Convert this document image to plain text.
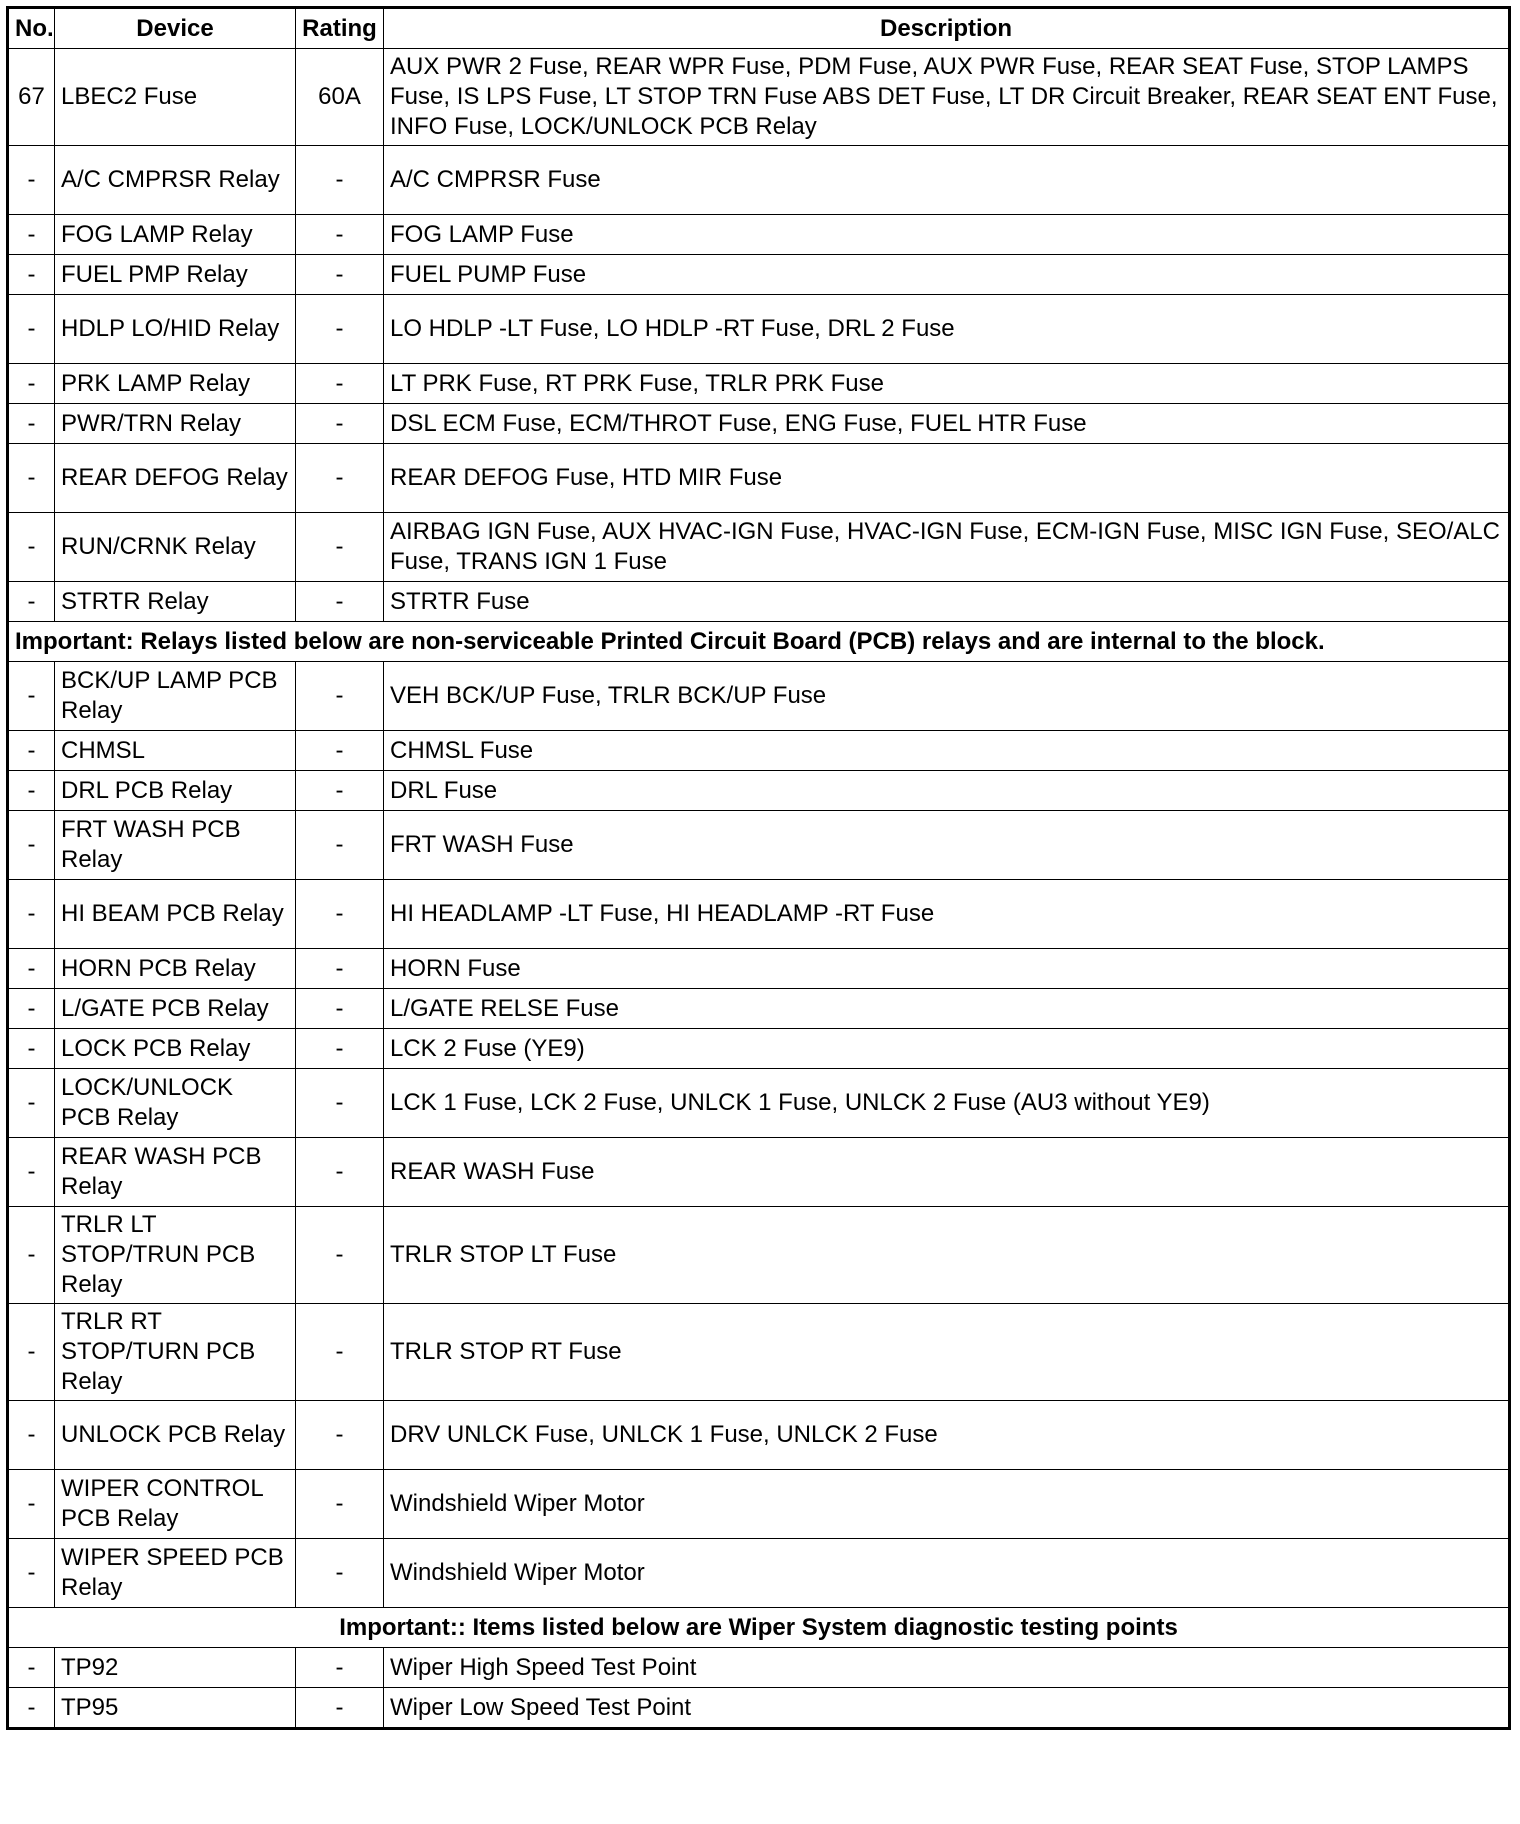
No.	Device	Rating	Description
67	LBEC2 Fuse	60A	AUX PWR 2 Fuse, REAR WPR Fuse, PDM Fuse, AUX PWR Fuse, REAR SEAT Fuse, STOP LAMPS Fuse, IS LPS Fuse, LT STOP TRN Fuse ABS DET Fuse, LT DR Circuit Breaker, REAR SEAT ENT Fuse, INFO Fuse, LOCK/UNLOCK PCB Relay
-	A/C CMPRSR Relay	-	A/C CMPRSR Fuse
-	FOG LAMP Relay	-	FOG LAMP Fuse
-	FUEL PMP Relay	-	FUEL PUMP Fuse
-	HDLP LO/HID Relay	-	LO HDLP -LT Fuse, LO HDLP -RT Fuse, DRL 2 Fuse
-	PRK LAMP Relay	-	LT PRK Fuse, RT PRK Fuse, TRLR PRK Fuse
-	PWR/TRN Relay	-	DSL ECM Fuse, ECM/THROT Fuse, ENG Fuse, FUEL HTR Fuse
-	REAR DEFOG Relay	-	REAR DEFOG Fuse, HTD MIR Fuse
-	RUN/CRNK Relay	-	AIRBAG IGN Fuse, AUX HVAC-IGN Fuse, HVAC-IGN Fuse, ECM-IGN Fuse, MISC IGN Fuse, SEO/ALC Fuse, TRANS IGN 1 Fuse
-	STRTR Relay	-	STRTR Fuse
Important: Relays listed below are non-serviceable Printed Circuit Board (PCB) relays and are internal to the block.			
-	BCK/UP LAMP PCB Relay	-	VEH BCK/UP Fuse, TRLR BCK/UP Fuse
-	CHMSL	-	CHMSL Fuse
-	DRL PCB Relay	-	DRL Fuse
-	FRT WASH PCB Relay	-	FRT WASH Fuse
-	HI BEAM PCB Relay	-	HI HEADLAMP -LT Fuse, HI HEADLAMP -RT Fuse
-	HORN PCB Relay	-	HORN Fuse
-	L/GATE PCB Relay	-	L/GATE RELSE Fuse
-	LOCK PCB Relay	-	LCK 2 Fuse (YE9)
-	LOCK/UNLOCK PCB Relay	-	LCK 1 Fuse, LCK 2 Fuse, UNLCK 1 Fuse, UNLCK 2 Fuse (AU3 without YE9)
-	REAR WASH PCB Relay	-	REAR WASH Fuse
-	TRLR LT STOP/TRUN PCB Relay	-	TRLR STOP LT Fuse
-	TRLR RT STOP/TURN PCB Relay	-	TRLR STOP RT Fuse
-	UNLOCK PCB Relay	-	DRV UNLCK Fuse, UNLCK 1 Fuse, UNLCK 2 Fuse
-	WIPER CONTROL PCB Relay	-	Windshield Wiper Motor
-	WIPER SPEED PCB Relay	-	Windshield Wiper Motor
Important:: Items listed below are Wiper System diagnostic testing points			
-	TP92	-	Wiper High Speed Test Point
-	TP95	-	Wiper Low Speed Test Point
